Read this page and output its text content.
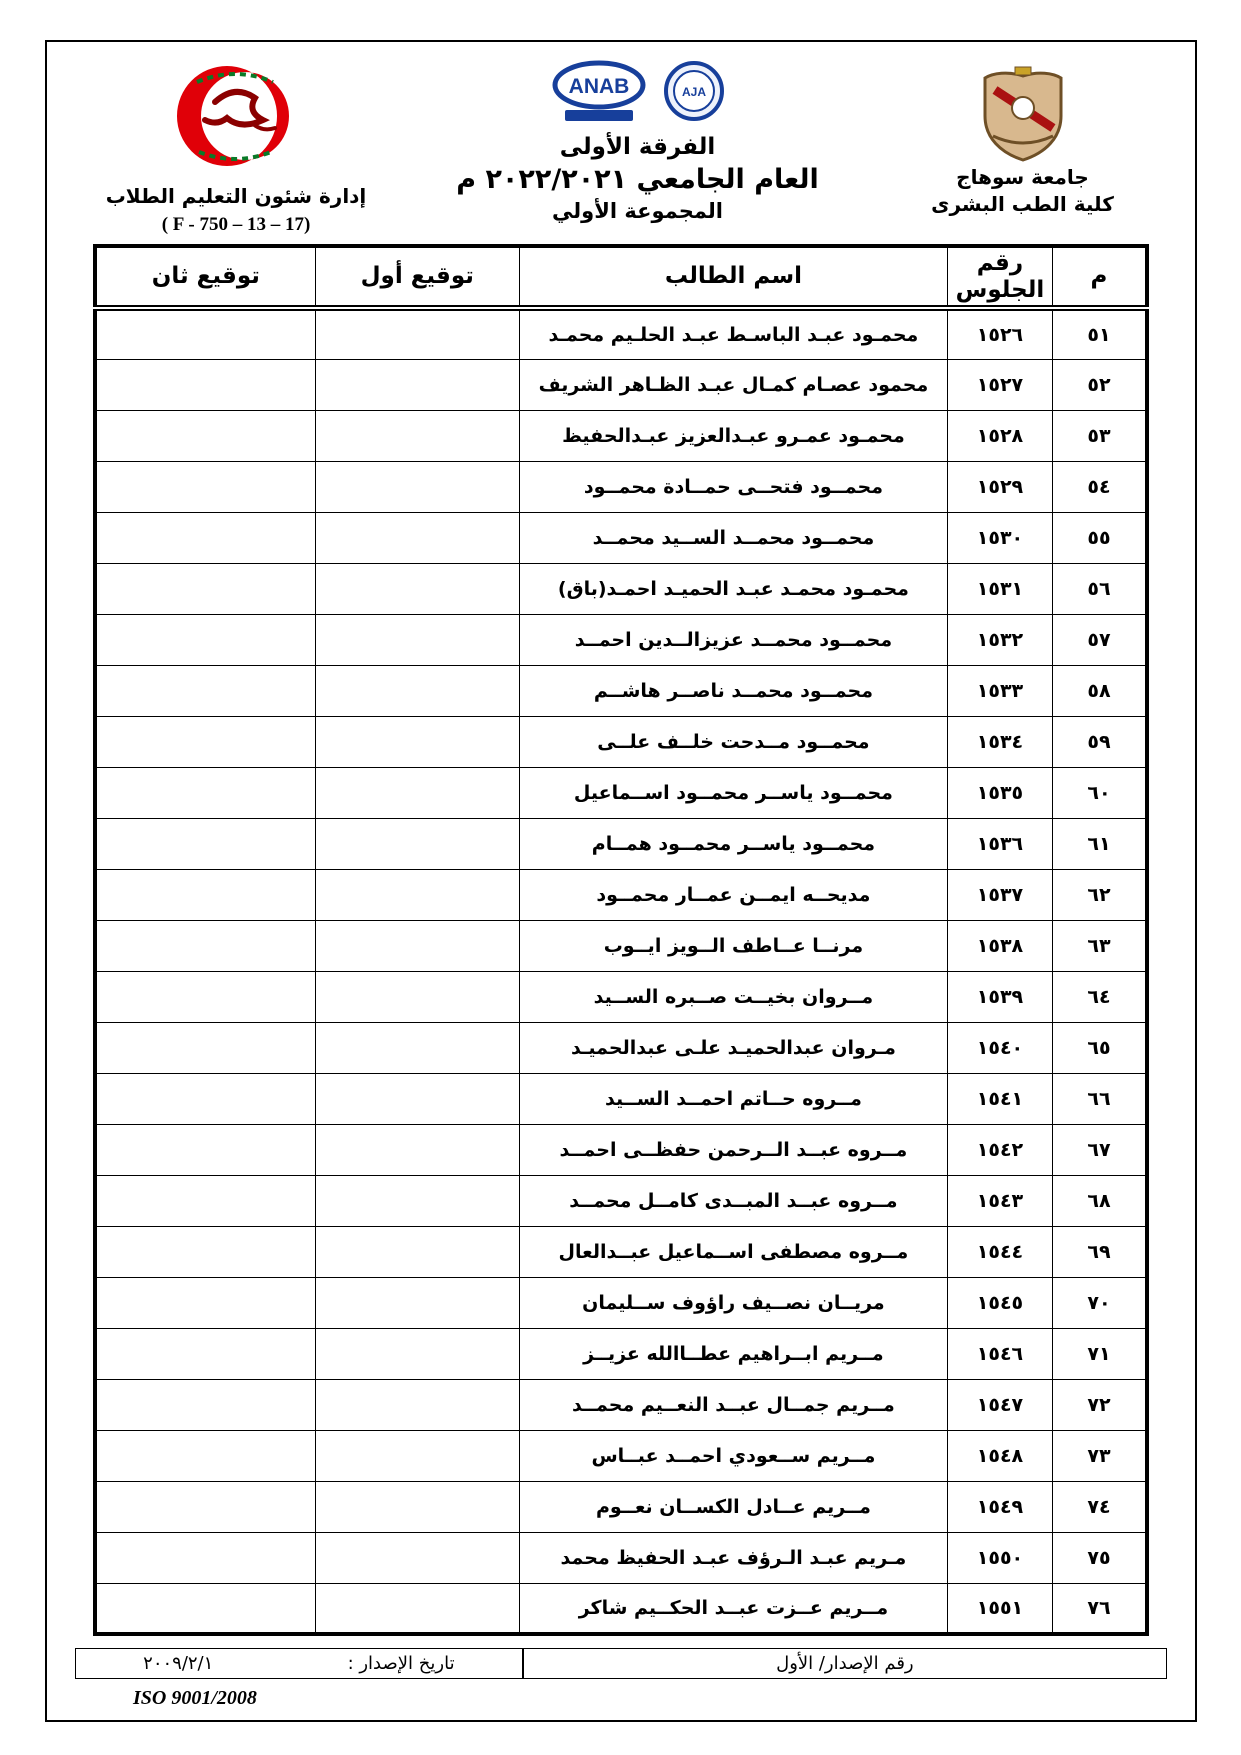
جامعة سوهاج
كلية الطب البشرى
ANAB	AJA
الفرقة الأولى
العام الجامعي ٢٠٢٢/٢٠٢١ م
المجموعة الأولي
إدارة شئون التعليم الطلاب
( F - 750 – 13 – 17)
م	رقم الجلوس	اسم الطالب	توقيع أول	توقيع ثان
٥١	١٥٢٦	محمـود عبـد الباسـط عبـد الحلـيم محمـد		
٥٢	١٥٢٧	محمود عصـام كمـال عبـد الظـاهر الشريف		
٥٣	١٥٢٨	محمـود عمـرو عبـدالعزيز عبـدالحفيظ		
٥٤	١٥٢٩	محمــود فتحــى حمــادة محمــود		
٥٥	١٥٣٠	محمــود محمــد الســيد محمــد		
٥٦	١٥٣١	محمـود محمـد عبـد الحميـد احمـد(باق)		
٥٧	١٥٣٢	محمــود محمــد عزيزالــدين احمــد		
٥٨	١٥٣٣	محمــود محمــد ناصــر هاشــم		
٥٩	١٥٣٤	محمــود مــدحت خلــف علــى		
٦٠	١٥٣٥	محمــود ياســر محمــود اســماعيل		
٦١	١٥٣٦	محمــود ياســر محمــود همــام		
٦٢	١٥٣٧	مديحــه ايمــن عمــار محمــود		
٦٣	١٥٣٨	مرنــا عــاطف الــويز ايــوب		
٦٤	١٥٣٩	مــروان بخيــت صــبره الســيد		
٦٥	١٥٤٠	مـروان عبدالحميـد علـى عبدالحميـد		
٦٦	١٥٤١	مــروه حــاتم احمــد الســيد		
٦٧	١٥٤٢	مــروه عبــد الــرحمن حفظــى احمــد		
٦٨	١٥٤٣	مــروه عبــد المبــدى كامــل محمــد		
٦٩	١٥٤٤	مــروه مصطفى اســماعيل عبــدالعال		
٧٠	١٥٤٥	مريــان نصــيف راؤوف ســليمان		
٧١	١٥٤٦	مــريم ابــراهيم عطــاالله عزيــز		
٧٢	١٥٤٧	مــريم جمــال عبــد النعــيم محمــد		
٧٣	١٥٤٨	مــريم ســعودي احمــد عبــاس		
٧٤	١٥٤٩	مــريم عــادل الكســان نعــوم		
٧٥	١٥٥٠	مـريم عبـد الـرؤف عبـد الحفيظ محمد		
٧٦	١٥٥١	مــريم عــزت عبــد الحكــيم شاكر		
رقم الإصدار/ الأول
تاريخ الإصدار :
٢٠٠٩/٢/١
ISO 9001/2008
